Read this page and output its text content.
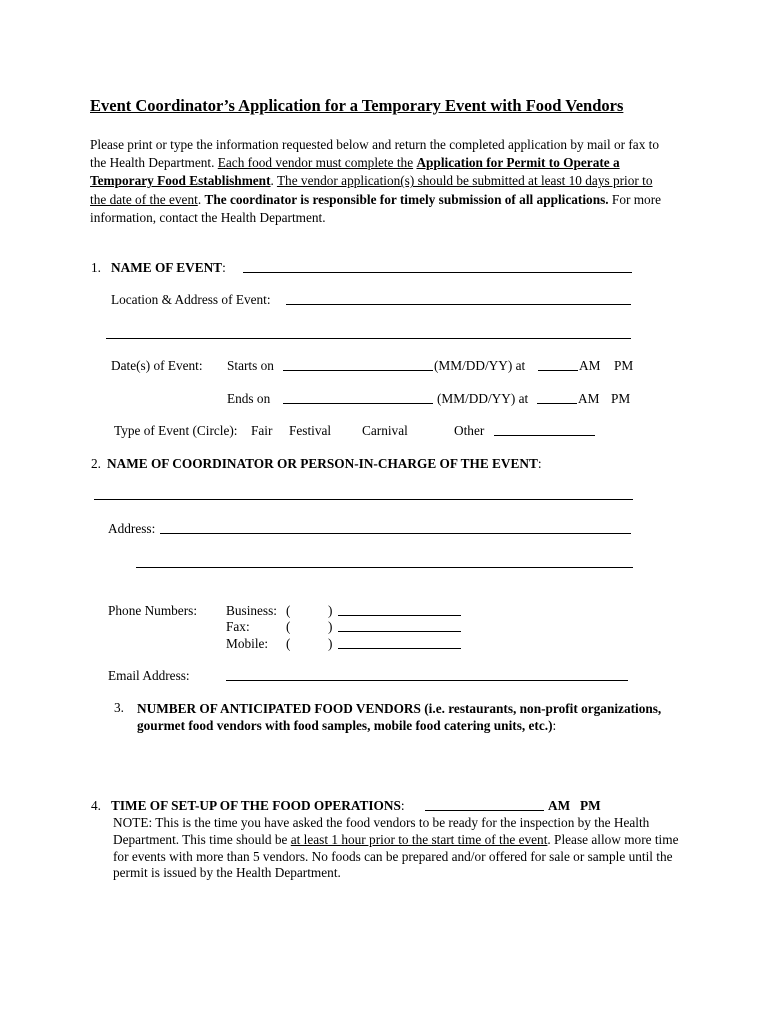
Event Coordinator’s Application for a Temporary Event with Food Vendors
Please print or type the information requested below and return the completed application by mail or fax to the Health Department. Each food vendor must complete the Application for Permit to Operate a Temporary Food Establishment. The vendor application(s) should be submitted at least 10 days prior to the date of the event. The coordinator is responsible for timely submission of all applications. For more information, contact the Health Department.
1. NAME OF EVENT:
Location & Address of Event:
Date(s) of Event: Starts on	(MM/DD/YY) at	AM PM
Ends on	(MM/DD/YY) at	AM PM
Type of Event (Circle): Fair Festival Carnival	Other
2. NAME OF COORDINATOR OR PERSON-IN-CHARGE OF THE EVENT:
Address:
Phone Numbers: Business: (	)
Fax:	(	)
Mobile: (	)
Email Address:
3. NUMBER OF ANTICIPATED FOOD VENDORS (i.e. restaurants, non-profit organizations, gourmet food vendors with food samples, mobile food catering units, etc.):
4. TIME OF SET-UP OF THE FOOD OPERATIONS:	AM PM
NOTE: This is the time you have asked the food vendors to be ready for the inspection by the Health Department. This time should be at least 1 hour prior to the start time of the event. Please allow more time for events with more than 5 vendors. No foods can be prepared and/or offered for sale or sample until the permit is issued by the Health Department.
